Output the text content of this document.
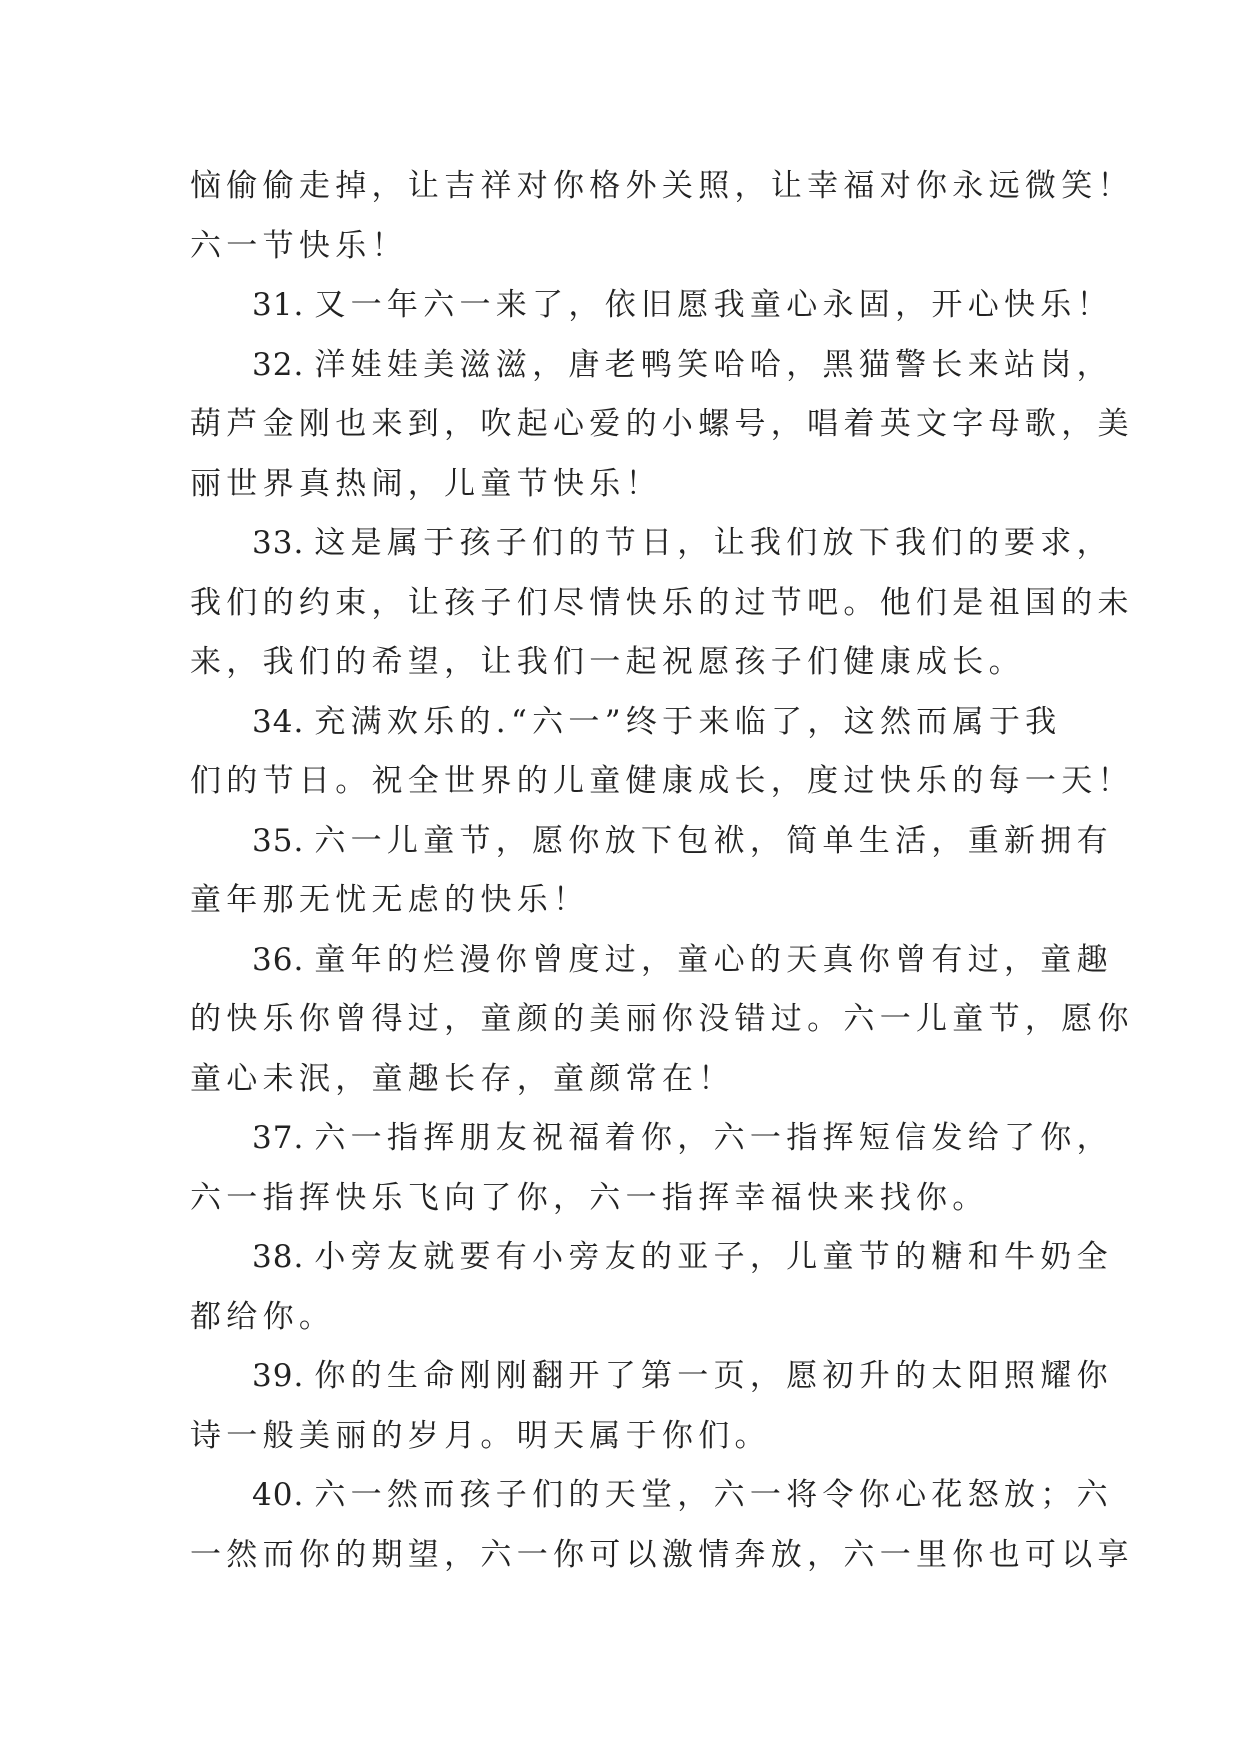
恼偷偷走掉，让吉祥对你格外关照，让幸福对你永远微笑！
六一节快乐！

31. 又一年六一来了，依旧愿我童心永固，开心快乐！

32. 洋娃娃美滋滋，唐老鸭笑哈哈，黑猫警长来站岗，
葫芦金刚也来到，吹起心爱的小螺号，唱着英文字母歌，美
丽世界真热闹，儿童节快乐！

33. 这是属于孩子们的节日，让我们放下我们的要求，
我们的约束，让孩子们尽情快乐的过节吧。他们是祖国的未
来，我们的希望，让我们一起祝愿孩子们健康成长。

34. 充满欢乐的.“六一”终于来临了，这然而属于我
们的节日。祝全世界的儿童健康成长，度过快乐的每一天！

35. 六一儿童节，愿你放下包袱，简单生活，重新拥有
童年那无忧无虑的快乐！

36. 童年的烂漫你曾度过，童心的天真你曾有过，童趣
的快乐你曾得过，童颜的美丽你没错过。六一儿童节，愿你
童心未泯，童趣长存，童颜常在！

37. 六一指挥朋友祝福着你，六一指挥短信发给了你，
六一指挥快乐飞向了你，六一指挥幸福快来找你。

38. 小旁友就要有小旁友的亚子，儿童节的糖和牛奶全
都给你。

39. 你的生命刚刚翻开了第一页，愿初升的太阳照耀你
诗一般美丽的岁月。明天属于你们。

40. 六一然而孩子们的天堂，六一将令你心花怒放；六
一然而你的期望，六一你可以激情奔放，六一里你也可以享
